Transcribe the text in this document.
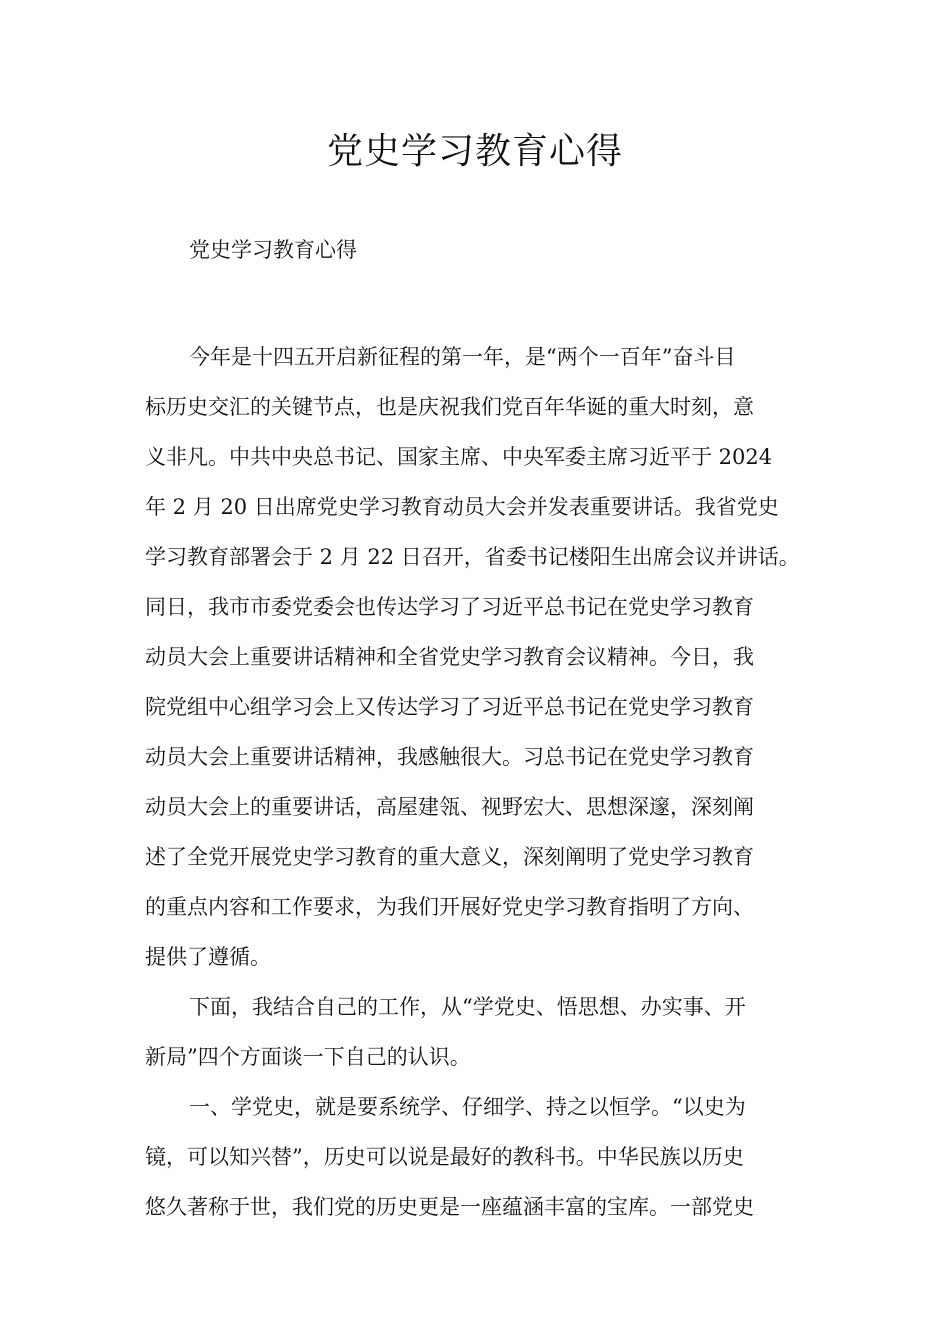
党史学习教育心得

党史学习教育心得

今年是十四五开启新征程的第一年，是“两个一百年”奋斗目
标历史交汇的关键节点，也是庆祝我们党百年华诞的重大时刻，意
义非凡。中共中央总书记、国家主席、中央军委主席习近平于 2024
年 2 月 20 日出席党史学习教育动员大会并发表重要讲话。我省党史
学习教育部署会于 2 月 22 日召开，省委书记楼阳生出席会议并讲话。
同日，我市市委党委会也传达学习了习近平总书记在党史学习教育
动员大会上重要讲话精神和全省党史学习教育会议精神。今日，我
院党组中心组学习会上又传达学习了习近平总书记在党史学习教育
动员大会上重要讲话精神，我感触很大。习总书记在党史学习教育
动员大会上的重要讲话，高屋建瓴、视野宏大、思想深邃，深刻阐
述了全党开展党史学习教育的重大意义，深刻阐明了党史学习教育
的重点内容和工作要求，为我们开展好党史学习教育指明了方向、
提供了遵循。
下面，我结合自己的工作，从“学党史、悟思想、办实事、开
新局”四个方面谈一下自己的认识。
一、学党史，就是要系统学、仔细学、持之以恒学。“以史为
镜，可以知兴替”，历史可以说是最好的教科书。中华民族以历史
悠久著称于世，我们党的历史更是一座蕴涵丰富的宝库。一部党史
